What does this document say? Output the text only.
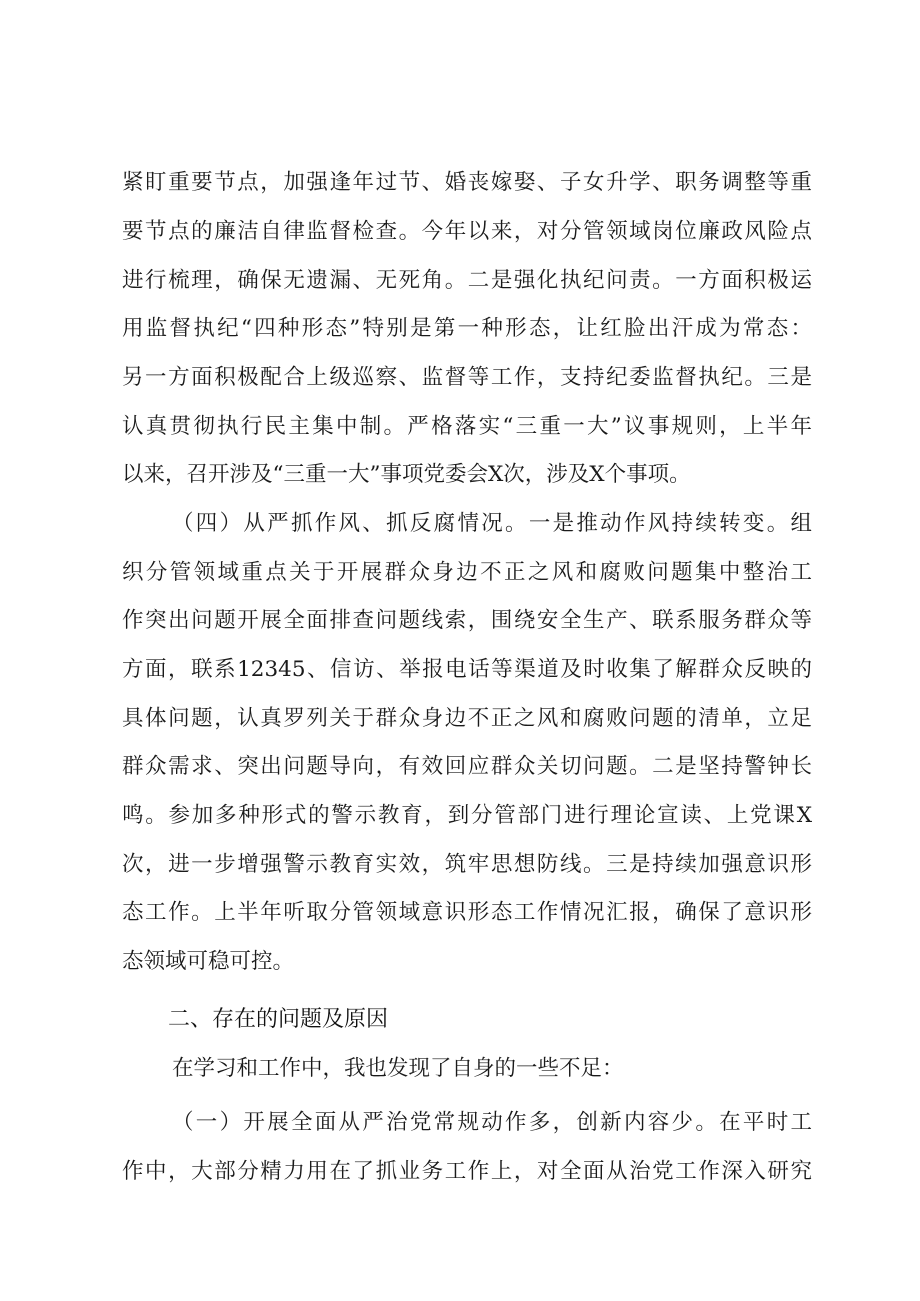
紧盯重要节点，加强逢年过节、婚丧嫁娶、子女升学、职务调整等重
要节点的廉洁自律监督检查。今年以来，对分管领域岗位廉政风险点
进行梳理，确保无遗漏、无死角。二是强化执纪问责。一方面积极运
用监督执纪“四种形态”特别是第一种形态，让红脸出汗成为常态：
另一方面积极配合上级巡察、监督等工作，支持纪委监督执纪。三是
认真贯彻执行民主集中制。严格落实“三重一大”议事规则，上半年
以来，召开涉及“三重一大”事项党委会X次，涉及X个事项。
（四）从严抓作风、抓反腐情况。一是推动作风持续转变。组
织分管领域重点关于开展群众身边不正之风和腐败问题集中整治工
作突出问题开展全面排查问题线索，围绕安全生产、联系服务群众等
方面，联系12345、信访、举报电话等渠道及时收集了解群众反映的
具体问题，认真罗列关于群众身边不正之风和腐败问题的清单，立足
群众需求、突出问题导向，有效回应群众关切问题。二是坚持警钟长
鸣。参加多种形式的警示教育，到分管部门进行理论宣读、上党课X
次，进一步增强警示教育实效，筑牢思想防线。三是持续加强意识形
态工作。上半年听取分管领域意识形态工作情况汇报，确保了意识形
态领域可稳可控。
二、存在的问题及原因
在学习和工作中，我也发现了自身的一些不足：
（一）开展全面从严治党常规动作多，创新内容少。在平时工
作中，大部分精力用在了抓业务工作上，对全面从治党工作深入研究
